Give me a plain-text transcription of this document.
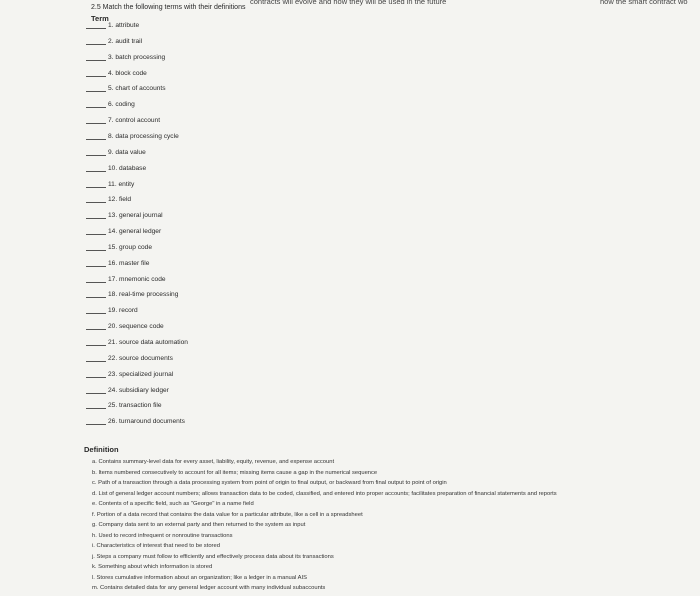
contracts will evolve and how they will be used in the future	how the smart contract wo
2.5 Match the following terms with their definitions
Term
1. attribute
2. audit trail
3. batch processing
4. block code
5. chart of accounts
6. coding
7. control account
8. data processing cycle
9. data value
10. database
11. entity
12. field
13. general journal
14. general ledger
15. group code
16. master file
17. mnemonic code
18. real-time processing
19. record
20. sequence code
21. source data automation
22. source documents
23. specialized journal
24. subsidiary ledger
25. transaction file
26. turnaround documents
Definition
a. Contains summary-level data for every asset, liability, equity, revenue, and expense account
b. Items numbered consecutively to account for all items; missing items cause a gap in the numerical sequence
c. Path of a transaction through a data processing system from point of origin to final output, or backward from final output to point of origin
d. List of general ledger account numbers; allows transaction data to be coded, classified, and entered into proper accounts; facilitates preparation of financial statements and reports
e. Contents of a specific field, such as "George" in a name field
f. Portion of a data record that contains the data value for a particular attribute, like a cell in a spreadsheet
g. Company data sent to an external party and then returned to the system as input
h. Used to record infrequent or nonroutine transactions
i. Characteristics of interest that need to be stored
j. Steps a company must follow to efficiently and effectively process data about its transactions
k. Something about which information is stored
l. Stores cumulative information about an organization; like a ledger in a manual AIS
m. Contains detailed data for any general ledger account with many individual subaccounts
